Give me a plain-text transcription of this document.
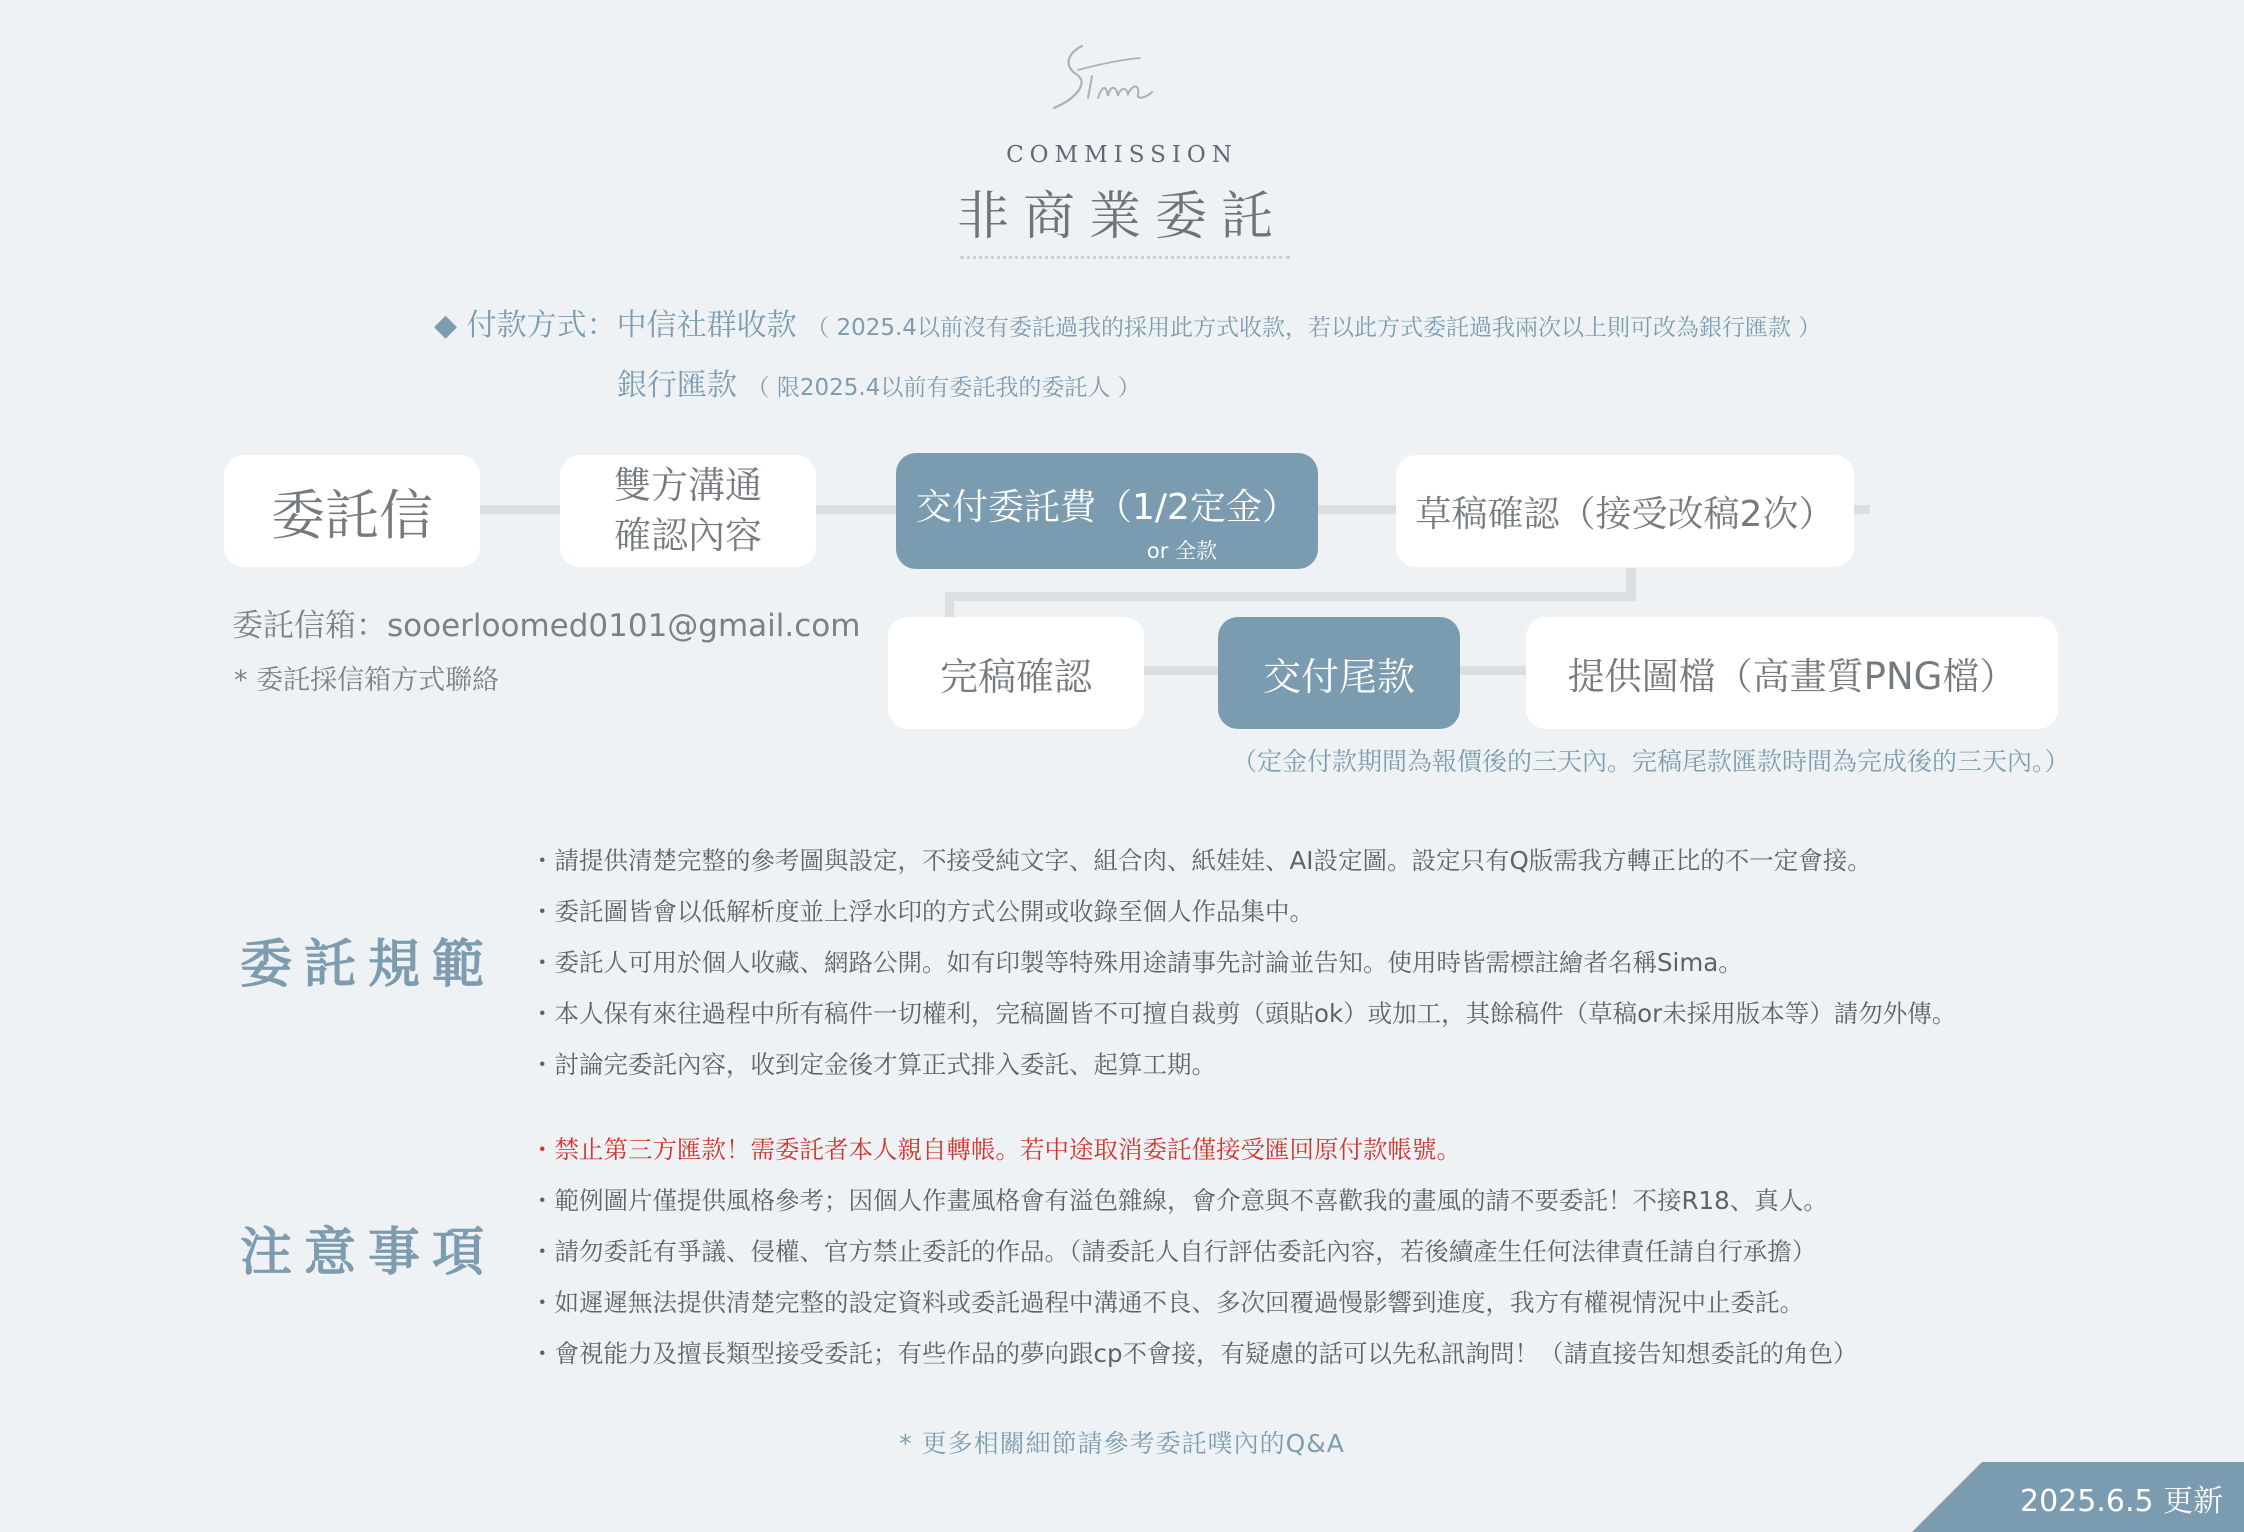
COMMISSION
非商業委託
◆ 付款方式：中信社群收款 （ 2025.4以前沒有委託過我的採用此方式收款，若以此方式委託過我兩次以上則可改為銀行匯款 ）
銀行匯款 （ 限2025.4以前有委託我的委託人 ）
委託信	雙方溝通
確認內容
交付委託費（1/2定金）
or 全款
草稿確認（接受改稿2次）
完稿確認	交付尾款	提供圖檔（高畫質PNG檔）
委託信箱：sooerloomed0101@gmail.com
* 委託採信箱方式聯絡
（定金付款期間為報價後的三天內。完稿尾款匯款時間為完成後的三天內。）
委託規範
・請提供清楚完整的參考圖與設定，不接受純文字、組合肉、紙娃娃、AI設定圖。設定只有Q版需我方轉正比的不一定會接。
・委託圖皆會以低解析度並上浮水印的方式公開或收錄至個人作品集中。
・委託人可用於個人收藏、網路公開。如有印製等特殊用途請事先討論並告知。使用時皆需標註繪者名稱Sima。
・本人保有來往過程中所有稿件一切權利，完稿圖皆不可擅自裁剪（頭貼ok）或加工，其餘稿件（草稿or未採用版本等）請勿外傳。
・討論完委託內容，收到定金後才算正式排入委託、起算工期。
注意事項
・禁止第三方匯款！需委託者本人親自轉帳。若中途取消委託僅接受匯回原付款帳號。
・範例圖片僅提供風格參考；因個人作畫風格會有溢色雜線，會介意與不喜歡我的畫風的請不要委託！不接R18、真人。
・請勿委託有爭議、侵權、官方禁止委託的作品。（請委託人自行評估委託內容，若後續產生任何法律責任請自行承擔）
・如遲遲無法提供清楚完整的設定資料或委託過程中溝通不良、多次回覆過慢影響到進度，我方有權視情況中止委託。
・會視能力及擅長類型接受委託；有些作品的夢向跟cp不會接，有疑慮的話可以先私訊詢問！（請直接告知想委託的角色）
* 更多相關細節請參考委託噗內的Q&A
2025.6.5 更新
